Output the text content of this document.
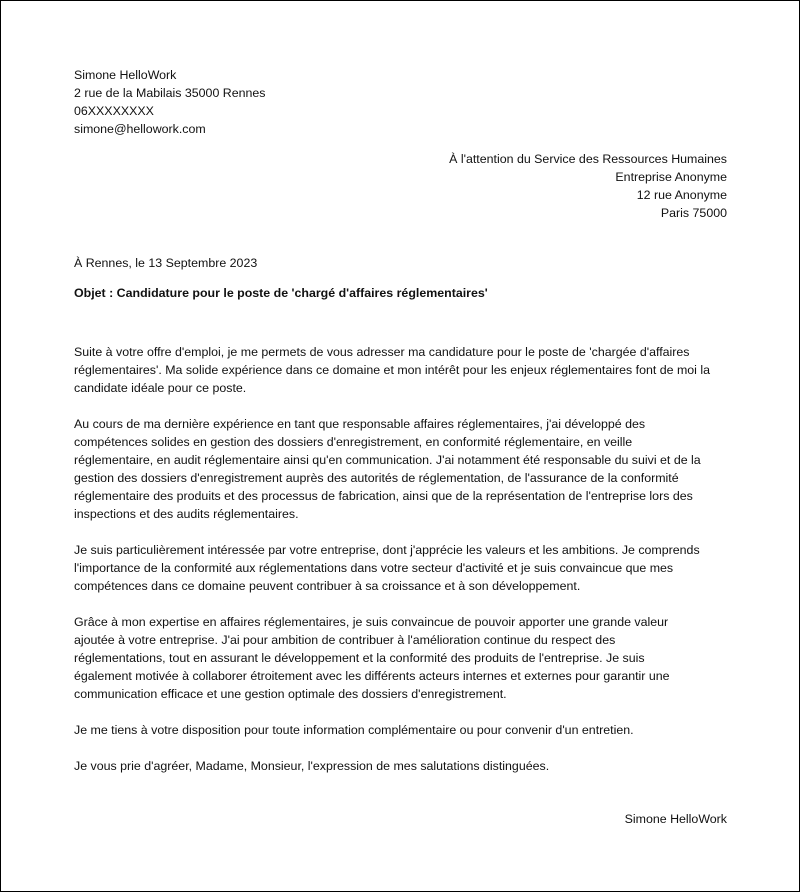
Simone HelloWork
2 rue de la Mabilais 35000 Rennes
06XXXXXXXX
simone@hellowork.com
À l'attention du Service des Ressources Humaines
Entreprise Anonyme
12 rue Anonyme
Paris 75000
À Rennes, le 13 Septembre 2023
Objet : Candidature pour le poste de 'chargé d'affaires réglementaires'

Suite à votre offre d'emploi, je me permets de vous adresser ma candidature pour le poste de 'chargée d'affaires
réglementaires'. Ma solide expérience dans ce domaine et mon intérêt pour les enjeux réglementaires font de moi la
candidate idéale pour ce poste.

Au cours de ma dernière expérience en tant que responsable affaires réglementaires, j'ai développé des
compétences solides en gestion des dossiers d'enregistrement, en conformité réglementaire, en veille
réglementaire, en audit réglementaire ainsi qu'en communication. J'ai notamment été responsable du suivi et de la
gestion des dossiers d'enregistrement auprès des autorités de réglementation, de l'assurance de la conformité
réglementaire des produits et des processus de fabrication, ainsi que de la représentation de l'entreprise lors des
inspections et des audits réglementaires.

Je suis particulièrement intéressée par votre entreprise, dont j'apprécie les valeurs et les ambitions. Je comprends
l'importance de la conformité aux réglementations dans votre secteur d'activité et je suis convaincue que mes
compétences dans ce domaine peuvent contribuer à sa croissance et à son développement.

Grâce à mon expertise en affaires réglementaires, je suis convaincue de pouvoir apporter une grande valeur
ajoutée à votre entreprise. J'ai pour ambition de contribuer à l'amélioration continue du respect des
réglementations, tout en assurant le développement et la conformité des produits de l'entreprise. Je suis
également motivée à collaborer étroitement avec les différents acteurs internes et externes pour garantir une
communication efficace et une gestion optimale des dossiers d'enregistrement.

Je me tiens à votre disposition pour toute information complémentaire ou pour convenir d'un entretien.

Je vous prie d'agréer, Madame, Monsieur, l'expression de mes salutations distinguées.

Simone HelloWork
